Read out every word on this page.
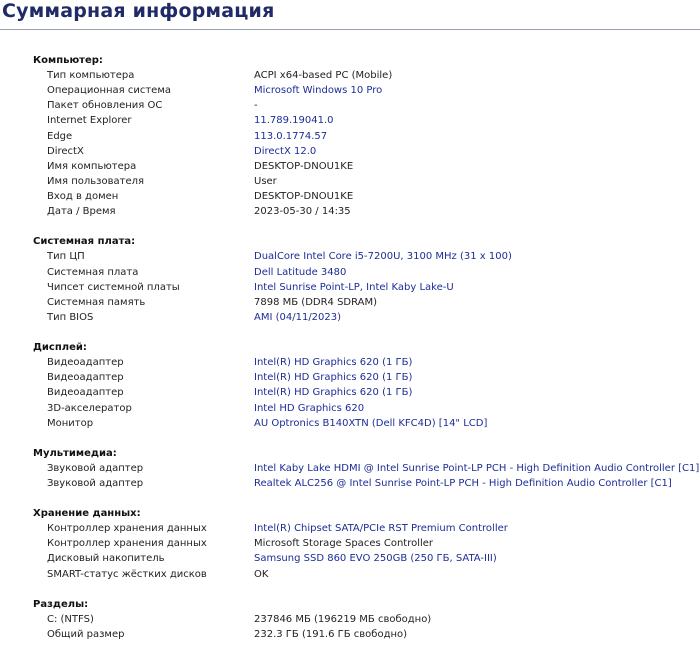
Суммарная информация
Компьютер:
Тип компьютера	ACPI x64-based PC (Mobile)
Операционная система	Microsoft Windows 10 Pro
Пакет обновления ОС	-
Internet Explorer	11.789.19041.0
Edge	113.0.1774.57
DirectX	DirectX 12.0
Имя компьютера	DESKTOP-DNOU1KE
Имя пользователя	User
Вход в домен	DESKTOP-DNOU1KE
Дата / Время	2023-05-30 / 14:35
Системная плата:
Тип ЦП	DualCore Intel Core i5-7200U, 3100 MHz (31 x 100)
Системная плата	Dell Latitude 3480
Чипсет системной платы	Intel Sunrise Point-LP, Intel Kaby Lake-U
Системная память	7898 МБ (DDR4 SDRAM)
Тип BIOS	AMI (04/11/2023)
Дисплей:
Видеоадаптер	Intel(R) HD Graphics 620 (1 ГБ)
Видеоадаптер	Intel(R) HD Graphics 620 (1 ГБ)
Видеоадаптер	Intel(R) HD Graphics 620 (1 ГБ)
3D-акселератор	Intel HD Graphics 620
Монитор	AU Optronics B140XTN (Dell KFC4D) [14" LCD]
Мультимедиа:
Звуковой адаптер	Intel Kaby Lake HDMI @ Intel Sunrise Point-LP PCH - High Definition Audio Controller [C1]
Звуковой адаптер	Realtek ALC256 @ Intel Sunrise Point-LP PCH - High Definition Audio Controller [C1]
Хранение данных:
Контроллер хранения данных	Intel(R) Chipset SATA/PCIe RST Premium Controller
Контроллер хранения данных	Microsoft Storage Spaces Controller
Дисковый накопитель	Samsung SSD 860 EVO 250GB (250 ГБ, SATA-III)
SMART-статус жёстких дисков	OK
Разделы:
C: (NTFS)	237846 МБ (196219 МБ свободно)
Общий размер	232.3 ГБ (191.6 ГБ свободно)
